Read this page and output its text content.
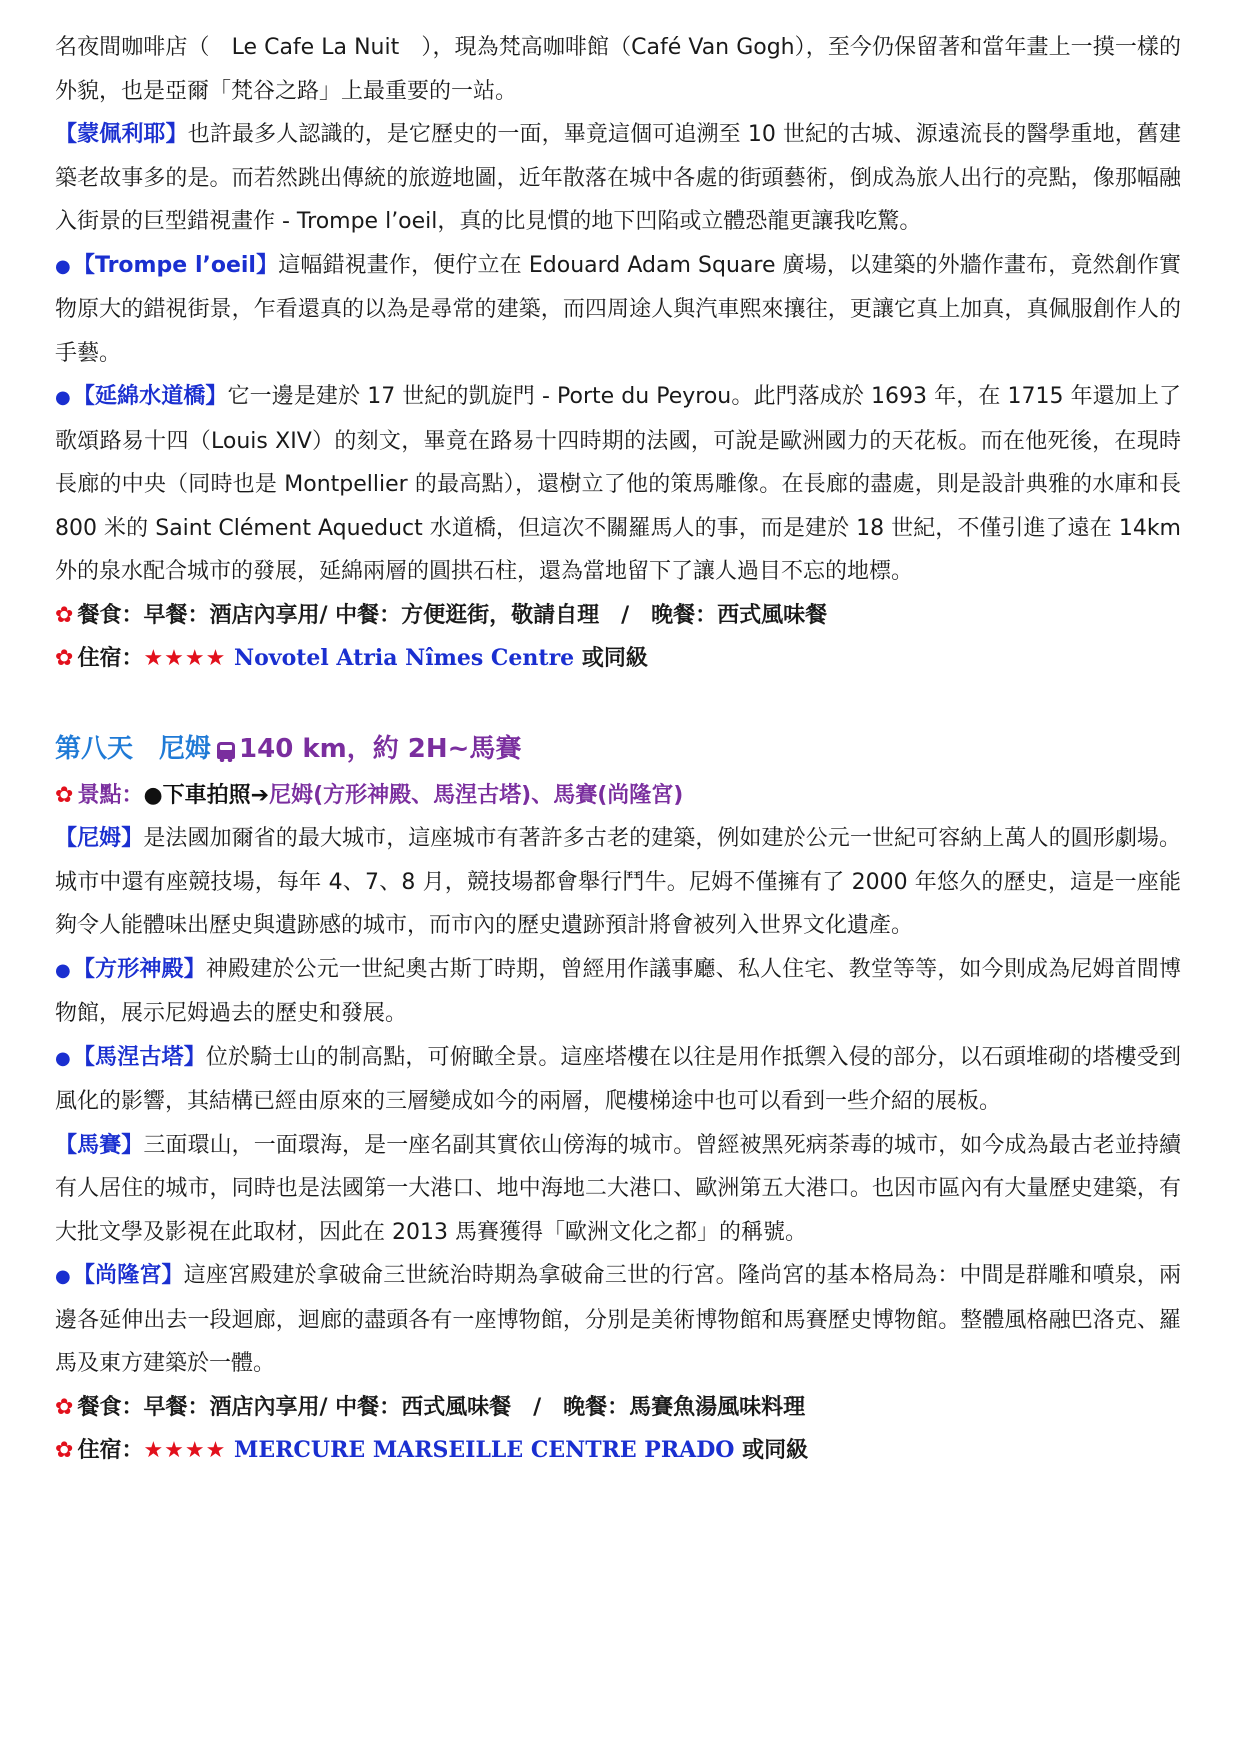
名夜間咖啡店（　Le Cafe La Nuit　），現為梵高咖啡館（Café Van Gogh），至今仍保留著和當年畫上一摸一樣的外貌，也是亞爾「梵谷之路」上最重要的一站。

【蒙佩利耶】也許最多人認識的，是它歷史的一面，畢竟這個可追溯至 10 世紀的古城、源遠流長的醫學重地，舊建築老故事多的是。而若然跳出傳統的旅遊地圖，近年散落在城中各處的街頭藝術，倒成為旅人出行的亮點，像那幅融入街景的巨型錯視畫作 - Trompe l’oeil，真的比見慣的地下凹陷或立體恐龍更讓我吃驚。

●【Trompe l’oeil】這幅錯視畫作，便佇立在 Edouard Adam Square 廣場，以建築的外牆作畫布，竟然創作實物原大的錯視街景，乍看還真的以為是尋常的建築，而四周途人與汽車熙來攘往，更讓它真上加真，真佩服創作人的手藝。

●【延綿水道橋】它一邊是建於 17 世紀的凱旋門 - Porte du Peyrou。此門落成於 1693 年，在 1715 年還加上了歌頌路易十四（Louis XIV）的刻文，畢竟在路易十四時期的法國，可說是歐洲國力的天花板。而在他死後，在現時長廊的中央（同時也是 Montpellier 的最高點），還樹立了他的策馬雕像。在長廊的盡處，則是設計典雅的水庫和長 800 米的 Saint Clément Aqueduct 水道橋，但這次不關羅馬人的事，而是建於 18 世紀，不僅引進了遠在 14km 外的泉水配合城市的發展，延綿兩層的圓拱石柱，還為當地留下了讓人過目不忘的地標。

✿ 餐食：早餐：酒店內享用/ 中餐：方便逛街，敬請自理　/　晚餐：西式風味餐

✿ 住宿：★★★★ Novotel Atria Nîmes Centre 或同級

第八天　尼姆 140 km，約 2H~馬賽

✿ 景點：●下車拍照➔尼姆(方形神殿、馬涅古塔)、馬賽(尚隆宮)

【尼姆】是法國加爾省的最大城市，這座城市有著許多古老的建築，例如建於公元一世紀可容納上萬人的圓形劇場。城市中還有座競技場，每年 4、7、8 月，競技場都會舉行鬥牛。尼姆不僅擁有了 2000 年悠久的歷史，這是一座能夠令人能體味出歷史與遺跡感的城市，而市內的歷史遺跡預計將會被列入世界文化遺產。

●【方形神殿】神殿建於公元一世紀奧古斯丁時期，曾經用作議事廳、私人住宅、教堂等等，如今則成為尼姆首間博物館，展示尼姆過去的歷史和發展。

●【馬涅古塔】位於騎士山的制高點，可俯瞰全景。這座塔樓在以往是用作抵禦入侵的部分，以石頭堆砌的塔樓受到風化的影響，其結構已經由原來的三層變成如今的兩層，爬樓梯途中也可以看到一些介紹的展板。

【馬賽】三面環山，一面環海，是一座名副其實依山傍海的城市。曾經被黑死病荼毒的城市，如今成為最古老並持續有人居住的城市，同時也是法國第一大港口、地中海地二大港口、歐洲第五大港口。也因市區內有大量歷史建築，有大批文學及影視在此取材，因此在 2013 馬賽獲得「歐洲文化之都」的稱號。

●【尚隆宮】這座宮殿建於拿破侖三世統治時期為拿破侖三世的行宮。隆尚宮的基本格局為：中間是群雕和噴泉，兩邊各延伸出去一段迴廊，迴廊的盡頭各有一座博物館，分別是美術博物館和馬賽歷史博物館。整體風格融巴洛克、羅馬及東方建築於一體。

✿ 餐食：早餐：酒店內享用/ 中餐：西式風味餐　/　晚餐：馬賽魚湯風味料理

✿ 住宿：★★★★ MERCURE MARSEILLE CENTRE PRADO 或同級
